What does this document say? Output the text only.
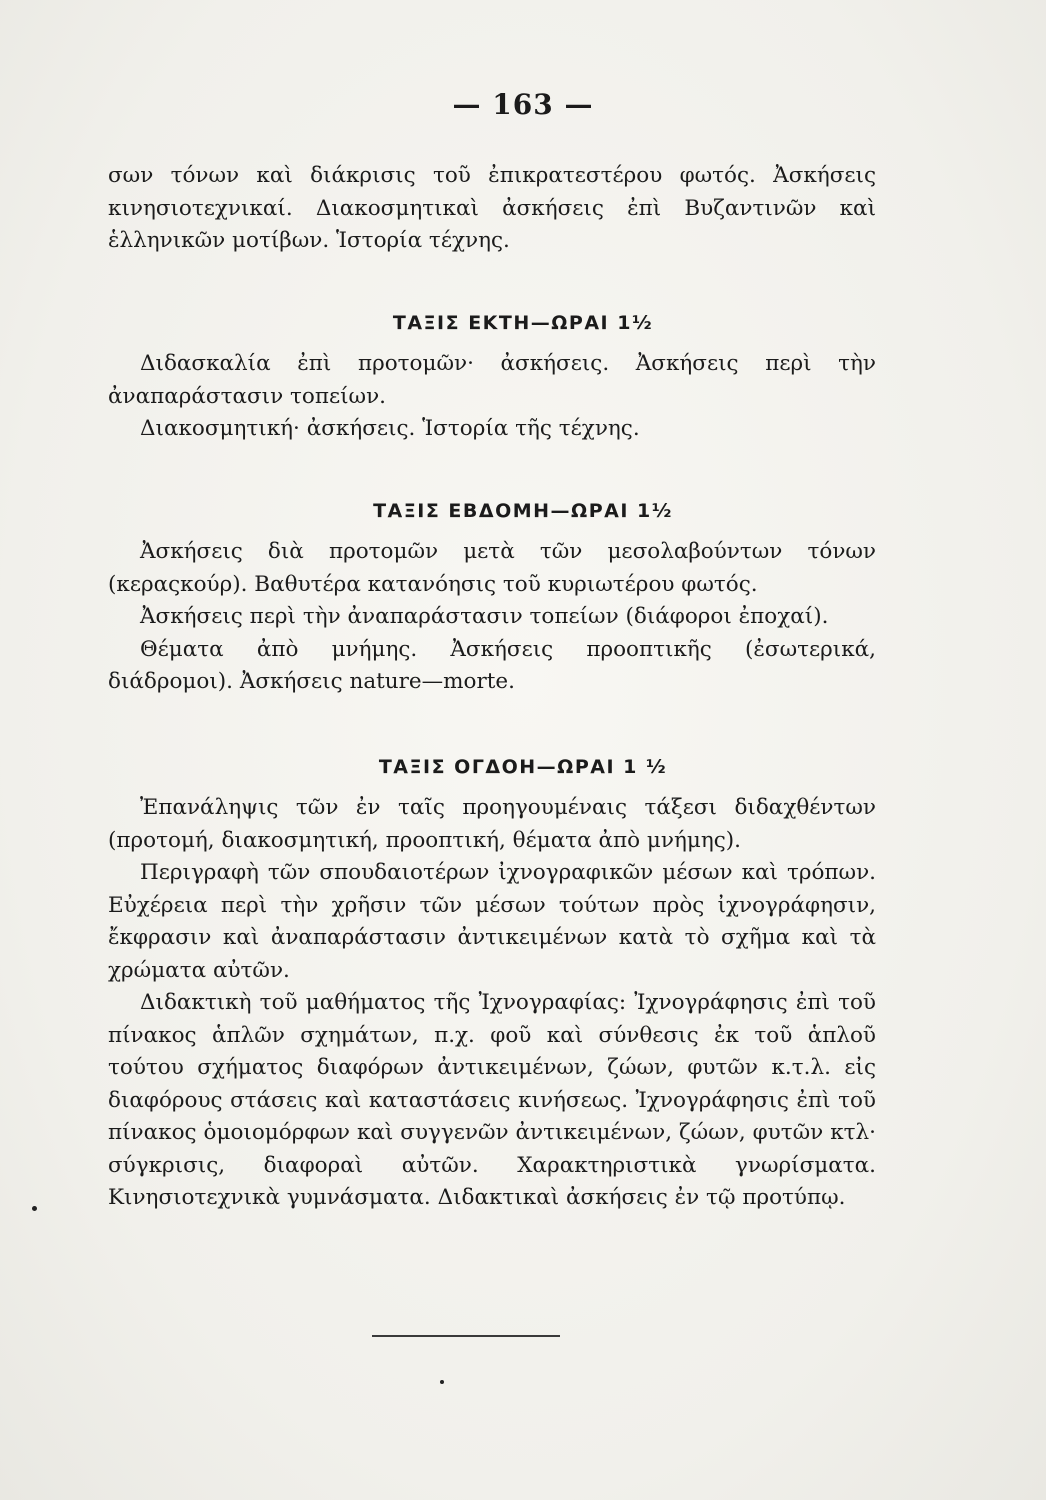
— 163 —

σων τόνων καὶ διάκρισις τοῦ ἐπικρατεστέρου φωτός. Ἀσκήσεις κινησιοτεχνικαί. Διακοσμητικαὶ ἀσκήσεις ἐπὶ Βυζαντινῶν καὶ ἑλληνικῶν μοτίβων. Ἱστορία τέχνης.

ΤΑΞΙΣ ΕΚΤΗ—ΩΡΑΙ 1½

Διδασκαλία ἐπὶ προτομῶν· ἀσκήσεις. Ἀσκήσεις περὶ τὴν ἀναπαράστασιν τοπείων.

Διακοσμητική· ἀσκήσεις. Ἱστορία τῆς τέχνης.

ΤΑΞΙΣ ΕΒΔΟΜΗ—ΩΡΑΙ 1½

Ἀσκήσεις διὰ προτομῶν μετὰ τῶν μεσολαβούντων τόνων (κεραςκούρ). Βαθυτέρα κατανόησις τοῦ κυριωτέρου φωτός.

Ἀσκήσεις περὶ τὴν ἀναπαράστασιν τοπείων (διάφοροι ἐποχαί).

Θέματα ἀπὸ μνήμης. Ἀσκήσεις προοπτικῆς (ἐσωτερικά, διάδρομοι). Ἀσκήσεις nature—morte.

ΤΑΞΙΣ ΟΓΔΟΗ—ΩΡΑΙ 1 ½

Ἐπανάληψις τῶν ἐν ταῖς προηγουμέναις τάξεσι διδαχθέντων (προτομή, διακοσμητική, προοπτική, θέματα ἀπὸ μνήμης).

Περιγραφὴ τῶν σπουδαιοτέρων ἰχνογραφικῶν μέσων καὶ τρόπων. Εὐχέρεια περὶ τὴν χρῆσιν τῶν μέσων τούτων πρὸς ἰχνογράφησιν, ἔκφρασιν καὶ ἀναπαράστασιν ἀντικειμένων κατὰ τὸ σχῆμα καὶ τὰ χρώματα αὐτῶν.

Διδακτικὴ τοῦ μαθήματος τῆς Ἰχνογραφίας: Ἰχνογράφησις ἐπὶ τοῦ πίνακος ἁπλῶν σχημάτων, π.χ. φοῦ καὶ σύνθεσις ἐκ τοῦ ἁπλοῦ τούτου σχήματος διαφόρων ἀντικειμένων, ζώων, φυτῶν κ.τ.λ. εἰς διαφόρους στάσεις καὶ καταστάσεις κινήσεως. Ἰχνογράφησις ἐπὶ τοῦ πίνακος ὁμοιομόρφων καὶ συγγενῶν ἀντικειμένων, ζώων, φυτῶν κτλ· σύγκρισις, διαφοραὶ αὐτῶν. Χαρακτηριστικὰ γνωρίσματα. Κινησιοτεχνικὰ γυμνάσματα. Διδακτικαὶ ἀσκήσεις ἐν τῷ προτύπῳ.
